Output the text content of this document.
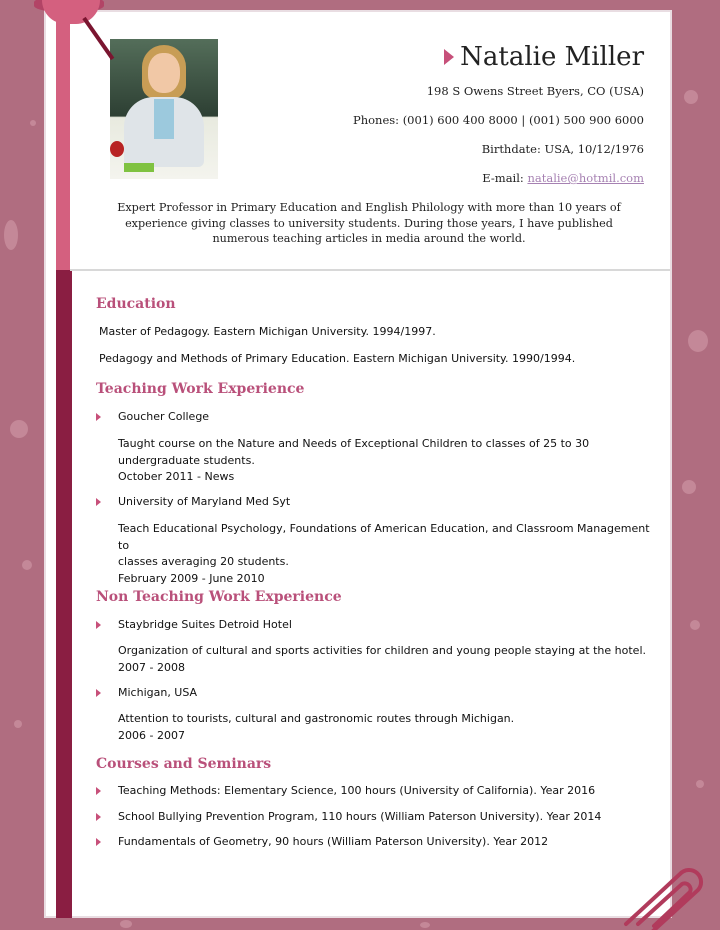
Natalie Miller
198 S Owens Street Byers, CO (USA)
Phones: (001) 600 400 8000 | (001) 500 900 6000
Birthdate: USA, 10/12/1976
E-mail: natalie@hotmil.com
Expert Professor in Primary Education and English Philology with more than 10 years of experience giving classes to university students. During those years, I have published numerous teaching articles in media around the world.
Education
Master of Pedagogy. Eastern Michigan University. 1994/1997.
Pedagogy and Methods of Primary Education. Eastern Michigan University. 1990/1994.
Teaching Work Experience
Goucher College
Taught course on the Nature and Needs of Exceptional Children to classes of 25 to 30
undergraduate students.
October 2011 - News
University of Maryland Med Syt
Teach Educational Psychology, Foundations of American Education, and Classroom Management to
classes averaging 20 students.
February 2009 - June 2010
Non Teaching Work Experience
Staybridge Suites Detroid Hotel
Organization of cultural and sports activities for children and young people staying at the hotel.
2007 - 2008
Michigan, USA
Attention to tourists, cultural and gastronomic routes through Michigan.
2006 - 2007
Courses and Seminars
Teaching Methods: Elementary Science, 100 hours (University of California). Year 2016
School Bullying Prevention Program, 110 hours (William Paterson University). Year 2014
Fundamentals of Geometry, 90 hours (William Paterson University). Year 2012
